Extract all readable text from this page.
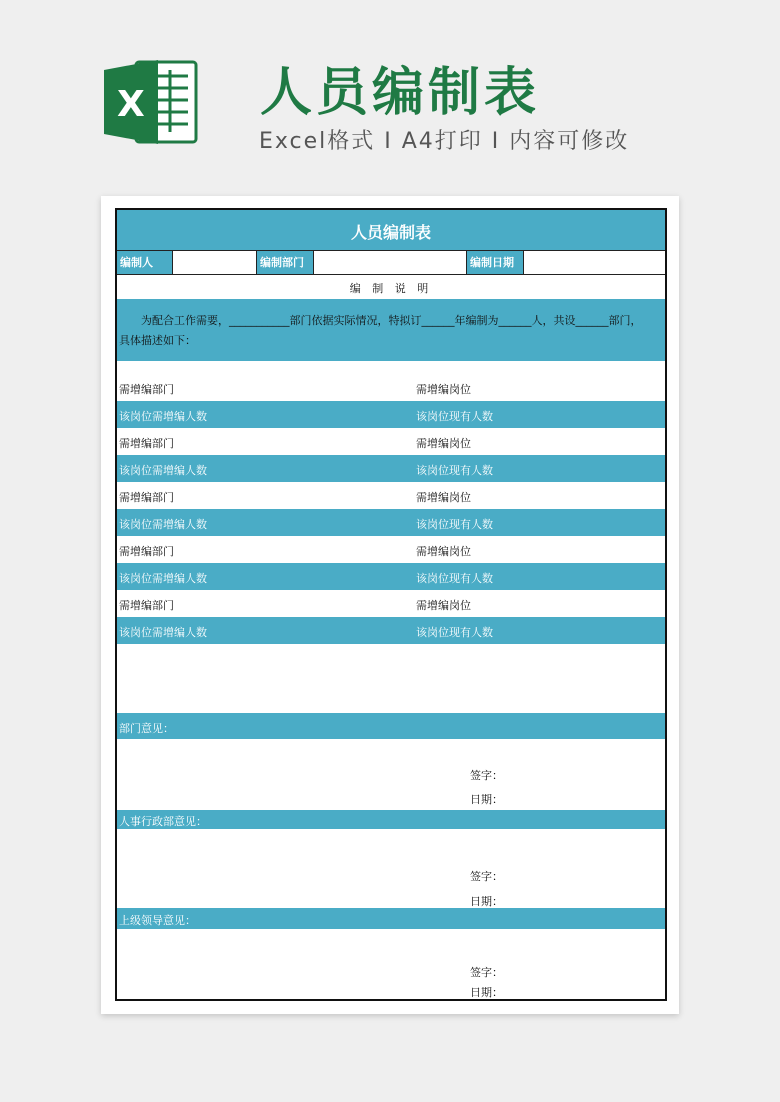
X 人员编制表
Excel格式 I A4打印 I 内容可修改
人员编制表
编制人	编制部门	编制日期
编 制 说 明
为配合工作需要，___________部门依据实际情况，特拟订______年编制为______人，共设______部门，
具体描述如下：
需增编部门	需增编岗位
该岗位需增编人数	该岗位现有人数
需增编部门	需增编岗位
该岗位需增编人数	该岗位现有人数
需增编部门	需增编岗位
该岗位需增编人数	该岗位现有人数
需增编部门	需增编岗位
该岗位需增编人数	该岗位现有人数
需增编部门	需增编岗位
该岗位需增编人数	该岗位现有人数
部门意见：
签字：
日期：
人事行政部意见：
签字：
日期：
上级领导意见：
签字：
日期：
